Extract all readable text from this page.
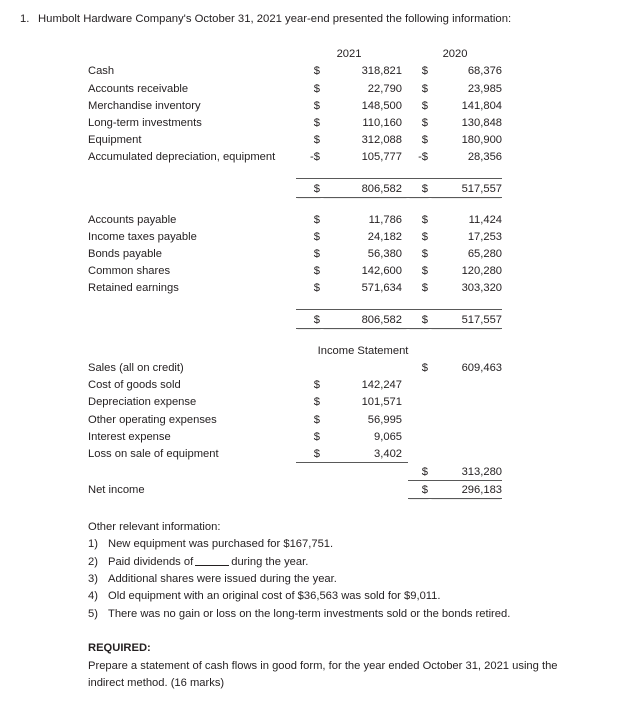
1. Humbolt Hardware Company's October 31, 2021 year-end presented the following information:
		2021		2020		
	Cash	$	318,821	$	68,376	
	Accounts receivable	$	22,790	$	23,985	
	Merchandise inventory	$	148,500	$	141,804	
	Long-term investments	$	110,160	$	130,848	
	Equipment	$	312,088	$	180,900	
	Accumulated depreciation, equipment	-$	105,777	-$	28,356	

		$	806,582	$	517,557	

	Accounts payable	$	11,786	$	11,424	
	Income taxes payable	$	24,182	$	17,253	
	Bonds payable	$	56,380	$	65,280	
	Common shares	$	142,600	$	120,280	
	Retained earnings	$	571,634	$	303,320	

		$	806,582	$	517,557	

		Income Statement				
	Sales (all on credit)			$	609,463	
	Cost of goods sold	$	142,247			
	Depreciation expense	$	101,571			
	Other operating expenses	$	56,995			
	Interest expense	$	9,065			
	Loss on sale of equipment	$	3,402			
				$	313,280	
	Net income			$	296,183	
Other relevant information:
1) New equipment was purchased for $167,751.
2) Paid dividends of	during the year.
3) Additional shares were issued during the year.
4) Old equipment with an original cost of $36,563 was sold for $9,011.
5) There was no gain or loss on the long-term investments sold or the bonds retired.
REQUIRED:
Prepare a statement of cash flows in good form, for the year ended October 31, 2021 using the indirect method. (16 marks)
